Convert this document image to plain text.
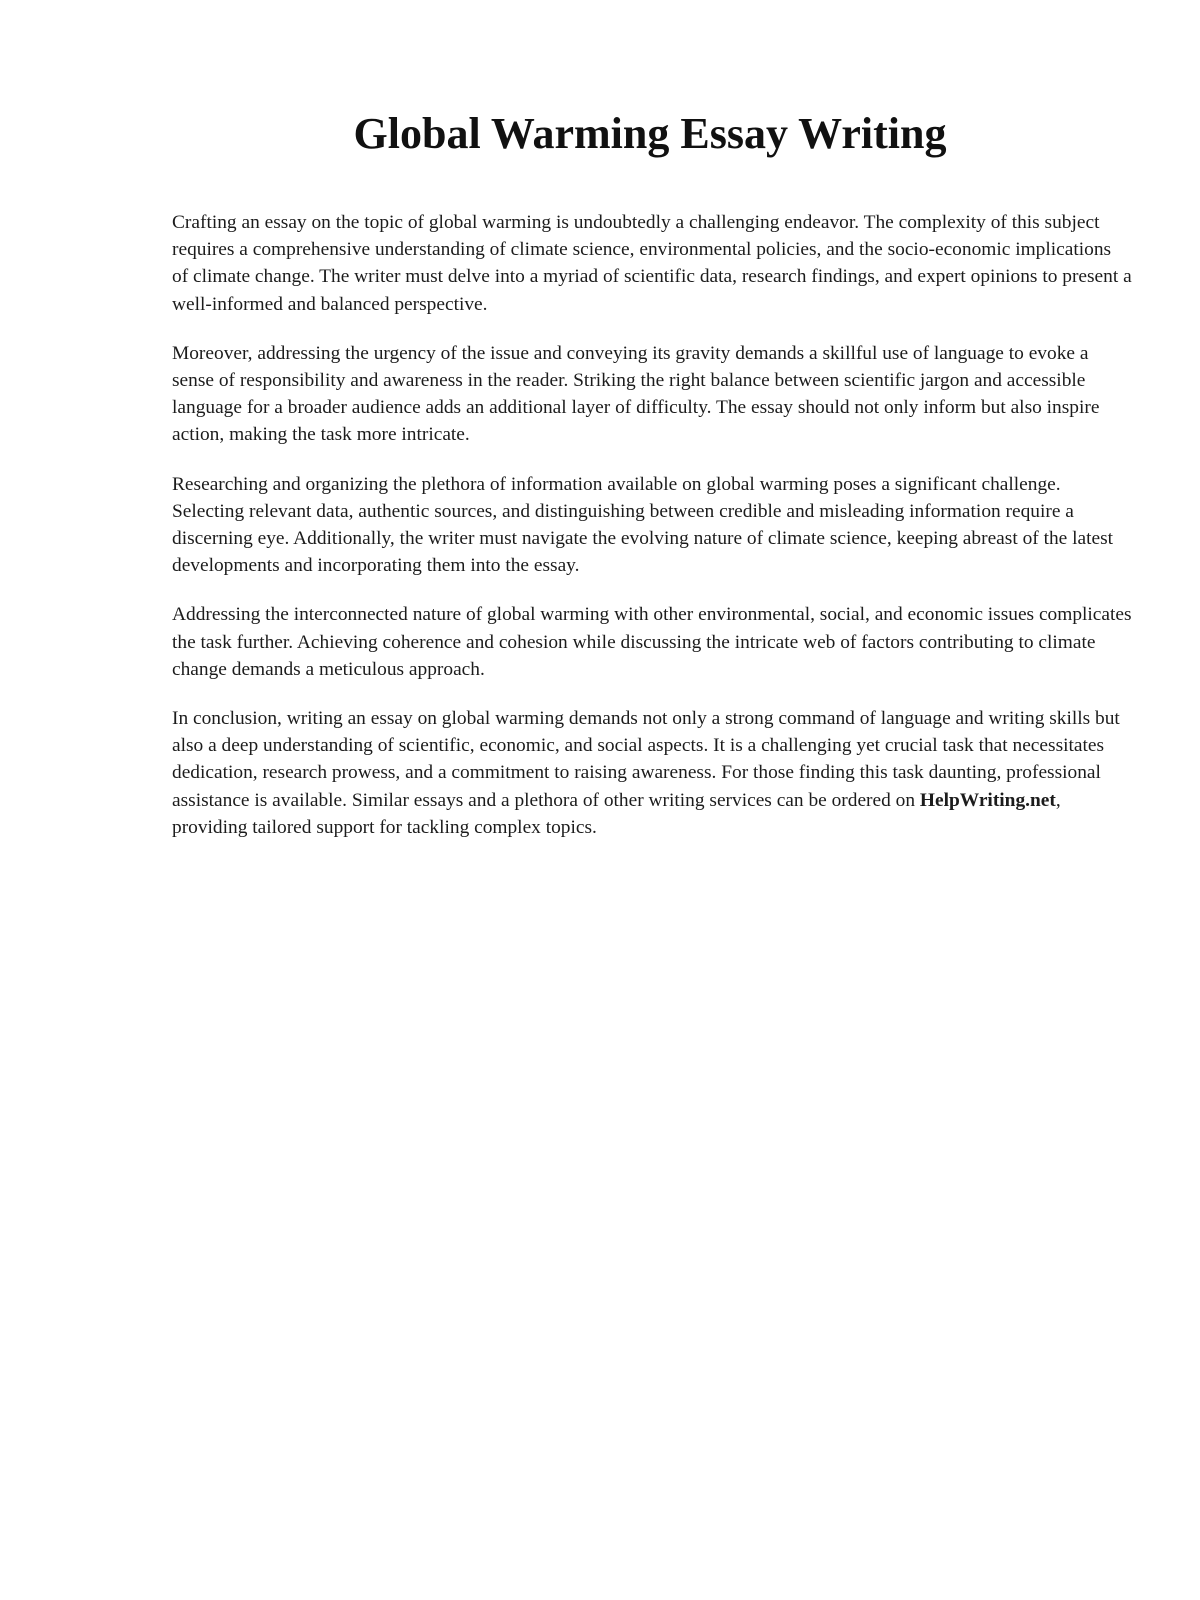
Global Warming Essay Writing

Crafting an essay on the topic of global warming is undoubtedly a challenging endeavor. The complexity of this subject requires a comprehensive understanding of climate science, environmental policies, and the socio-economic implications of climate change. The writer must delve into a myriad of scientific data, research findings, and expert opinions to present a well-informed and balanced perspective.

Moreover, addressing the urgency of the issue and conveying its gravity demands a skillful use of language to evoke a sense of responsibility and awareness in the reader. Striking the right balance between scientific jargon and accessible language for a broader audience adds an additional layer of difficulty. The essay should not only inform but also inspire action, making the task more intricate.

Researching and organizing the plethora of information available on global warming poses a significant challenge. Selecting relevant data, authentic sources, and distinguishing between credible and misleading information require a discerning eye. Additionally, the writer must navigate the evolving nature of climate science, keeping abreast of the latest developments and incorporating them into the essay.

Addressing the interconnected nature of global warming with other environmental, social, and economic issues complicates the task further. Achieving coherence and cohesion while discussing the intricate web of factors contributing to climate change demands a meticulous approach.

In conclusion, writing an essay on global warming demands not only a strong command of language and writing skills but also a deep understanding of scientific, economic, and social aspects. It is a challenging yet crucial task that necessitates dedication, research prowess, and a commitment to raising awareness. For those finding this task daunting, professional assistance is available. Similar essays and a plethora of other writing services can be ordered on HelpWriting.net, providing tailored support for tackling complex topics.
